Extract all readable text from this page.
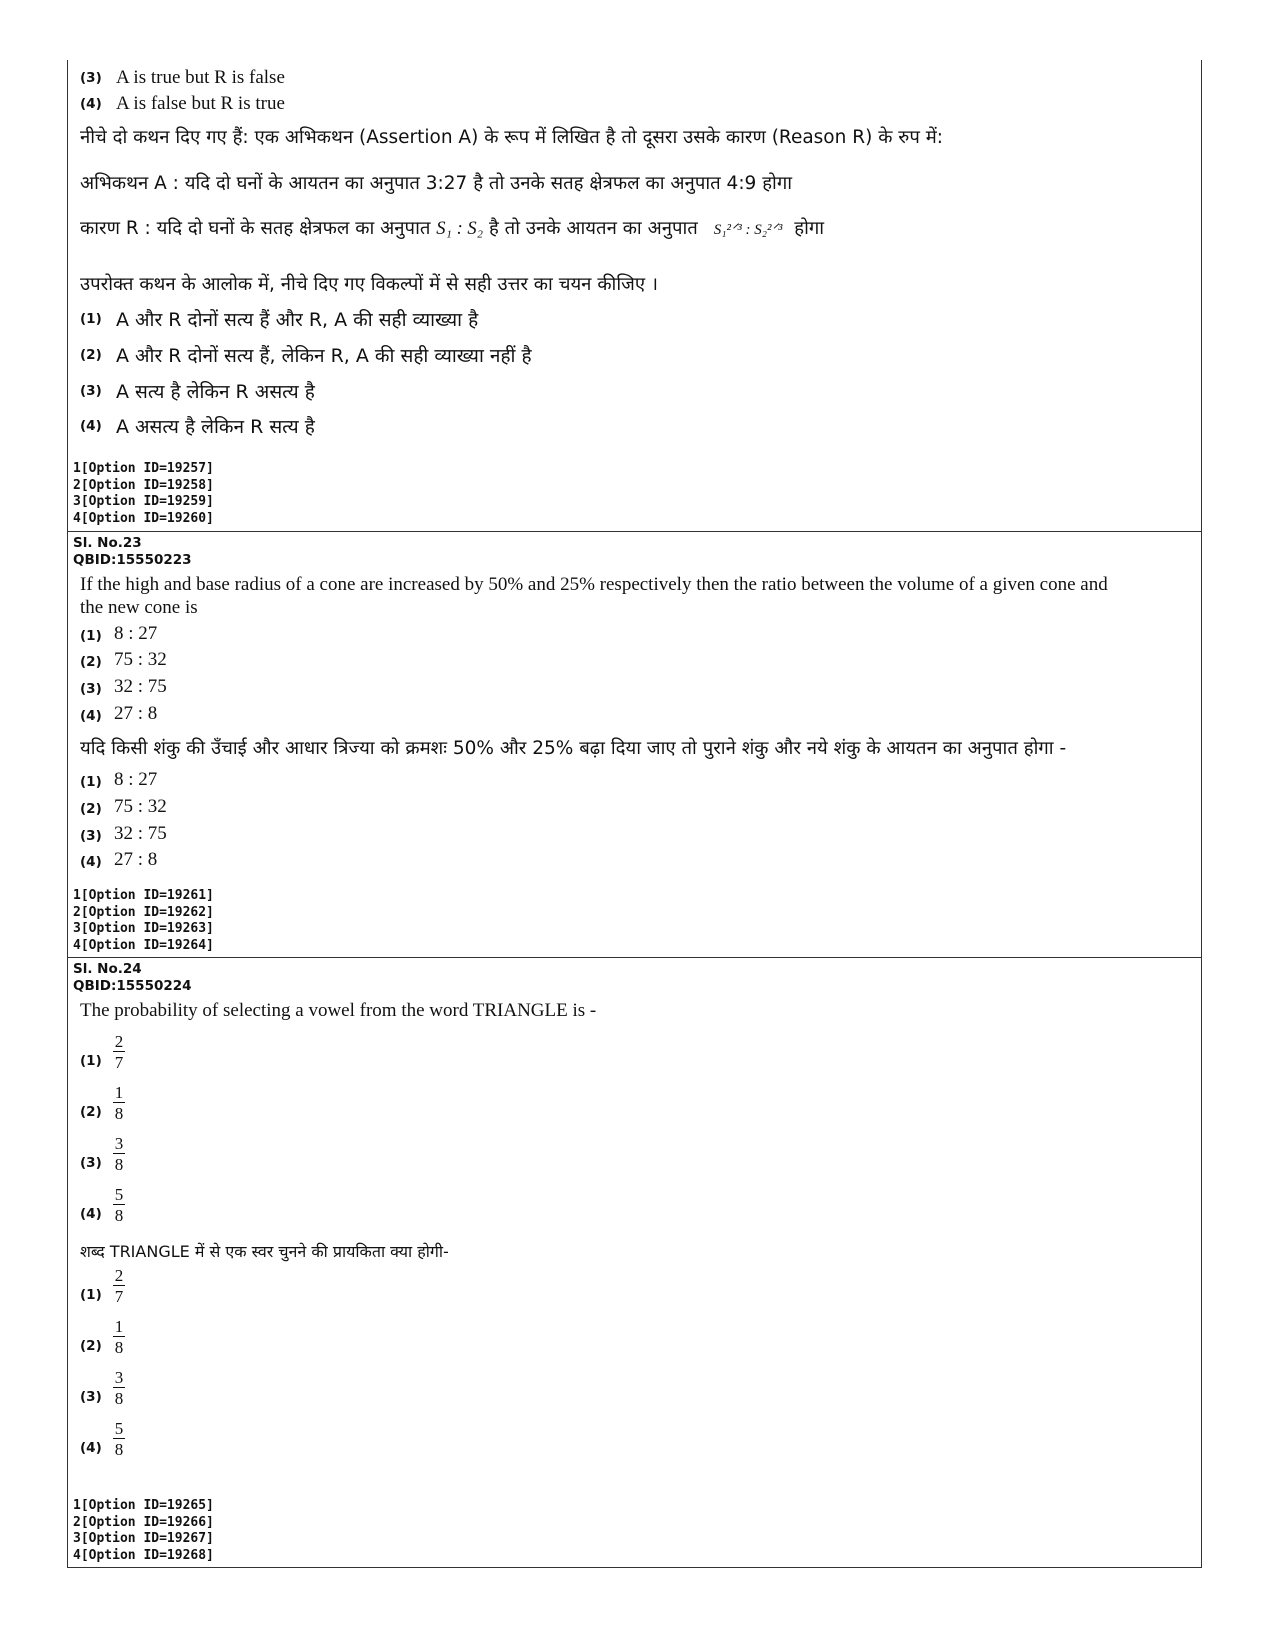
(3) A is true but R is false
(4) A is false but R is true
नीचे दो कथन दिए गए हैं: एक अभिकथन (Assertion A) के रूप में लिखित है तो दूसरा उसके कारण (Reason R) के रुप में:
अभिकथन A : यदि दो घनों के आयतन का अनुपात 3:27 है तो उनके सतह क्षेत्रफल का अनुपात 4:9 होगा
कारण R : यदि दो घनों के सतह क्षेत्रफल का अनुपात S₁ : S₂ है तो उनके आयतन का अनुपात S₁²ᐟ³ : S₂²ᐟ³ होगा
उपरोक्त कथन के आलोक में, नीचे दिए गए विकल्पों में से सही उत्तर का चयन कीजिए ।
(1) A और R दोनों सत्य हैं और R, A की सही व्याख्या है
(2) A और R दोनों सत्य हैं, लेकिन R, A की सही व्याख्या नहीं है
(3) A सत्य है लेकिन R असत्य है
(4) A असत्य है लेकिन R सत्य है
1[Option ID=19257]
2[Option ID=19258]
3[Option ID=19259]
4[Option ID=19260]
Sl. No.23
QBID:15550223
If the high and base radius of a cone are increased by 50% and 25% respectively then the ratio between the volume of a given cone and
the new cone is
(1) 8 : 27
(2) 75 : 32
(3) 32 : 75
(4) 27 : 8
यदि किसी शंकु की उँचाई और आधार त्रिज्या को क्रमशः 50% और 25% बढ़ा दिया जाए तो पुराने शंकु और नये शंकु के आयतन का अनुपात होगा -
(1) 8 : 27
(2) 75 : 32
(3) 32 : 75
(4) 27 : 8
1[Option ID=19261]
2[Option ID=19262]
3[Option ID=19263]
4[Option ID=19264]
Sl. No.24
QBID:15550224
The probability of selecting a vowel from the word TRIANGLE is -
(1)
2
7
(2)
1
8
(3)
3
8
(4)
5
8
शब्द TRIANGLE में से एक स्वर चुनने की प्रायकिता क्या होगी-
(1)
2
7
(2)
1
8
(3)
3
8
(4)
5
8
1[Option ID=19265]
2[Option ID=19266]
3[Option ID=19267]
4[Option ID=19268]
